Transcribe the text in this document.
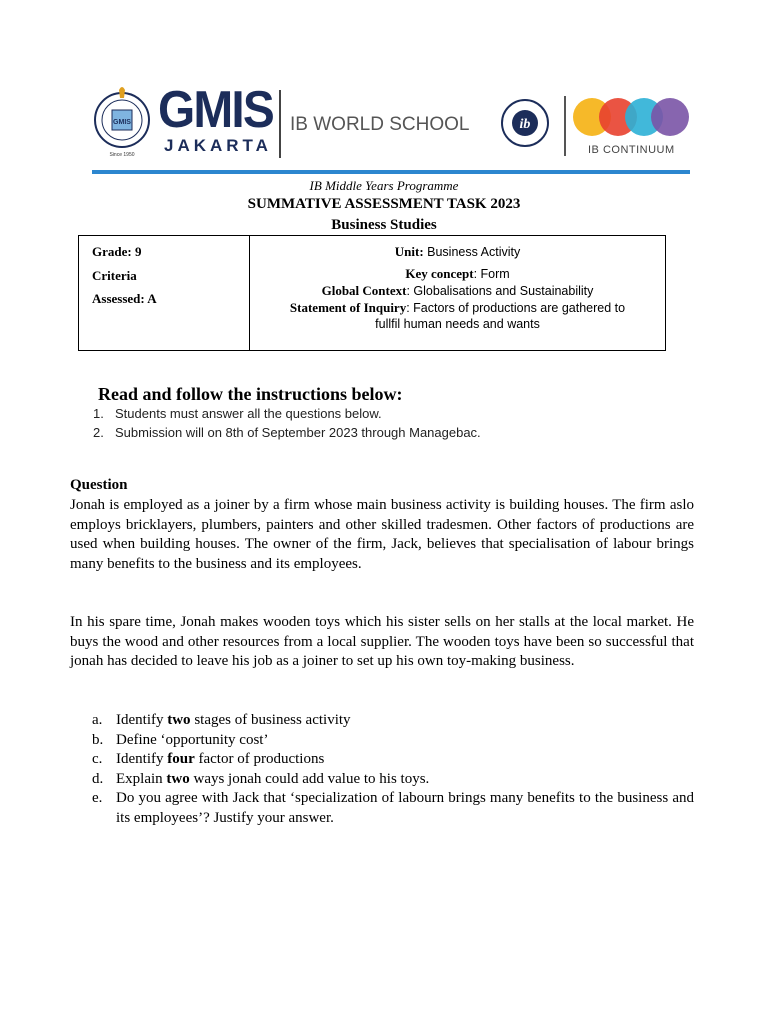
GMIS
Since 1950
GMIS
JAKARTA
IB WORLD SCHOOL	ib
IB CONTINUUM
IB Middle Years Programme
SUMMATIVE ASSESSMENT TASK 2023
Business Studies
Grade: 9
Criteria
Assessed: A
Unit: Business Activity
Key concept: Form
Global Context: Globalisations and Sustainability
Statement of Inquiry: Factors of productions are gathered to
fullfil human needs and wants
Read and follow the instructions below:
1. Students must answer all the questions below.
2. Submission will on 8th of September 2023 through Managebac.
Question
Jonah is employed as a joiner by a firm whose main business activity is building houses. The firm aslo employs bricklayers, plumbers, painters and other skilled tradesmen. Other factors of productions are used when building houses. The owner of the firm, Jack, believes that specialisation of labour brings many benefits to the business and its employees.
In his spare time, Jonah makes wooden toys which his sister sells on her stalls at the local market. He buys the wood and other resources from a local supplier. The wooden toys have been so successful that jonah has decided to leave his job as a joiner to set up his own toy-making business.
a. Identify two stages of business activity
b. Define ‘opportunity cost’
c. Identify four factor of productions
d. Explain two ways jonah could add value to his toys.
e. Do you agree with Jack that ‘specialization of labourn brings many benefits to the business and its employees’? Justify your answer.
